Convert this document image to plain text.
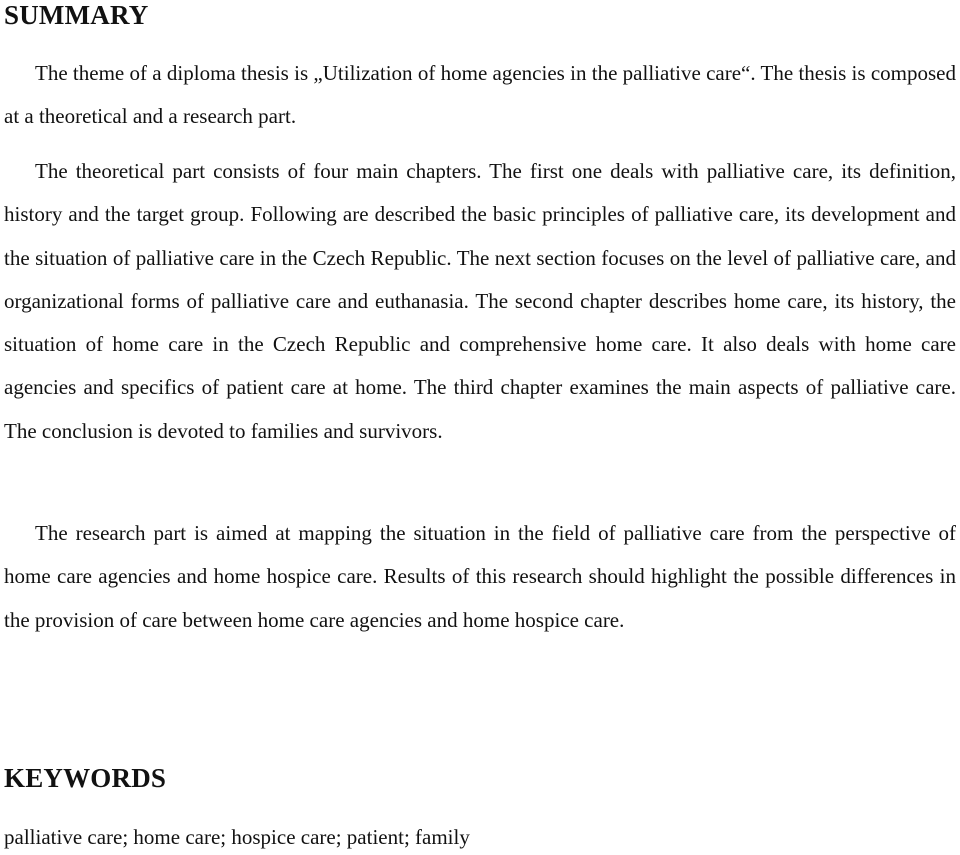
SUMMARY

The theme of a diploma thesis is „Utilization of home agencies in the palliative care“. The thesis is composed at a theoretical and a research part.

The theoretical part consists of four main chapters. The first one deals with palliative care, its definition, history and the target group. Following are described the basic principles of palliative care, its development and the situation of palliative care in the Czech Republic. The next section focuses on the level of palliative care, and organizational forms of palliative care and euthanasia. The second chapter describes home care, its history, the situation of home care in the Czech Republic and comprehensive home care. It also deals with home care agencies and specifics of patient care at home. The third chapter examines the main aspects of palliative care. The conclusion is devoted to families and survivors.

The research part is aimed at mapping the situation in the field of palliative care from the perspective of home care agencies and home hospice care. Results of this research should highlight the possible differences in the provision of care between home care agencies and home hospice care.

KEYWORDS

palliative care; home care; hospice care; patient; family
